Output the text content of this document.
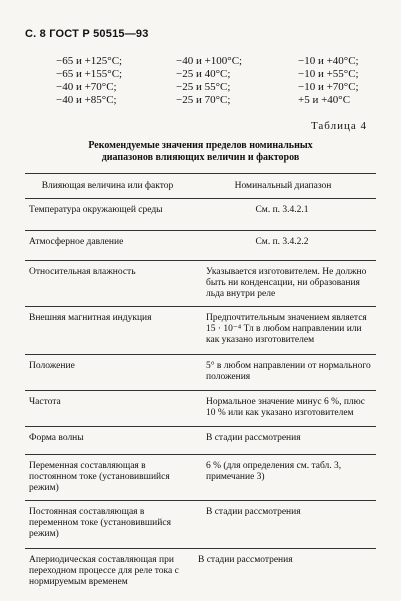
С. 8 ГОСТ Р 50515—93
−65 и +125°С;	−40 и +100°С;	−10 и +40°С;
−65 и +155°С;	−25 и 40°С;	−10 и +55°С;
−40 и +70°С;	−25 и 55°С;	−10 и +70°С;
−40 и +85°С;	−25 и 70°С;	+5 и +40°С
Таблица 4
Рекомендуемые значения пределов номинальных
диапазонов влияющих величин и факторов
Влияющая величина или фактор	Номинальный диапазон
Температура окружающей среды	См. п. 3.4.2.1
Атмосферное давление	См. п. 3.4.2.2
Относительная влажность	Указывается изготовителем. Не должно быть ни конденсации, ни образования льда внутри реле
Внешняя магнитная индукция	Предпочтительным значением является 15 · 10⁻⁴ Тл в любом направлении или как указано изготовителем
Положение	5° в любом направлении от нормального положения
Частота	Нормальное значение минус 6 %, плюс 10 % или как указано изготовителем
Форма волны	В стадии рассмотрения
Переменная составляющая в постоянном токе (установившийся режим)	6 % (для определения см. табл. 3, примечание 3)
Постоянная составляющая в переменном токе (установившийся режим)	В стадии рассмотрения
Апериодическая составляющая при переходном процессе для реле тока с нормируемым временем	В стадии рассмотрения
